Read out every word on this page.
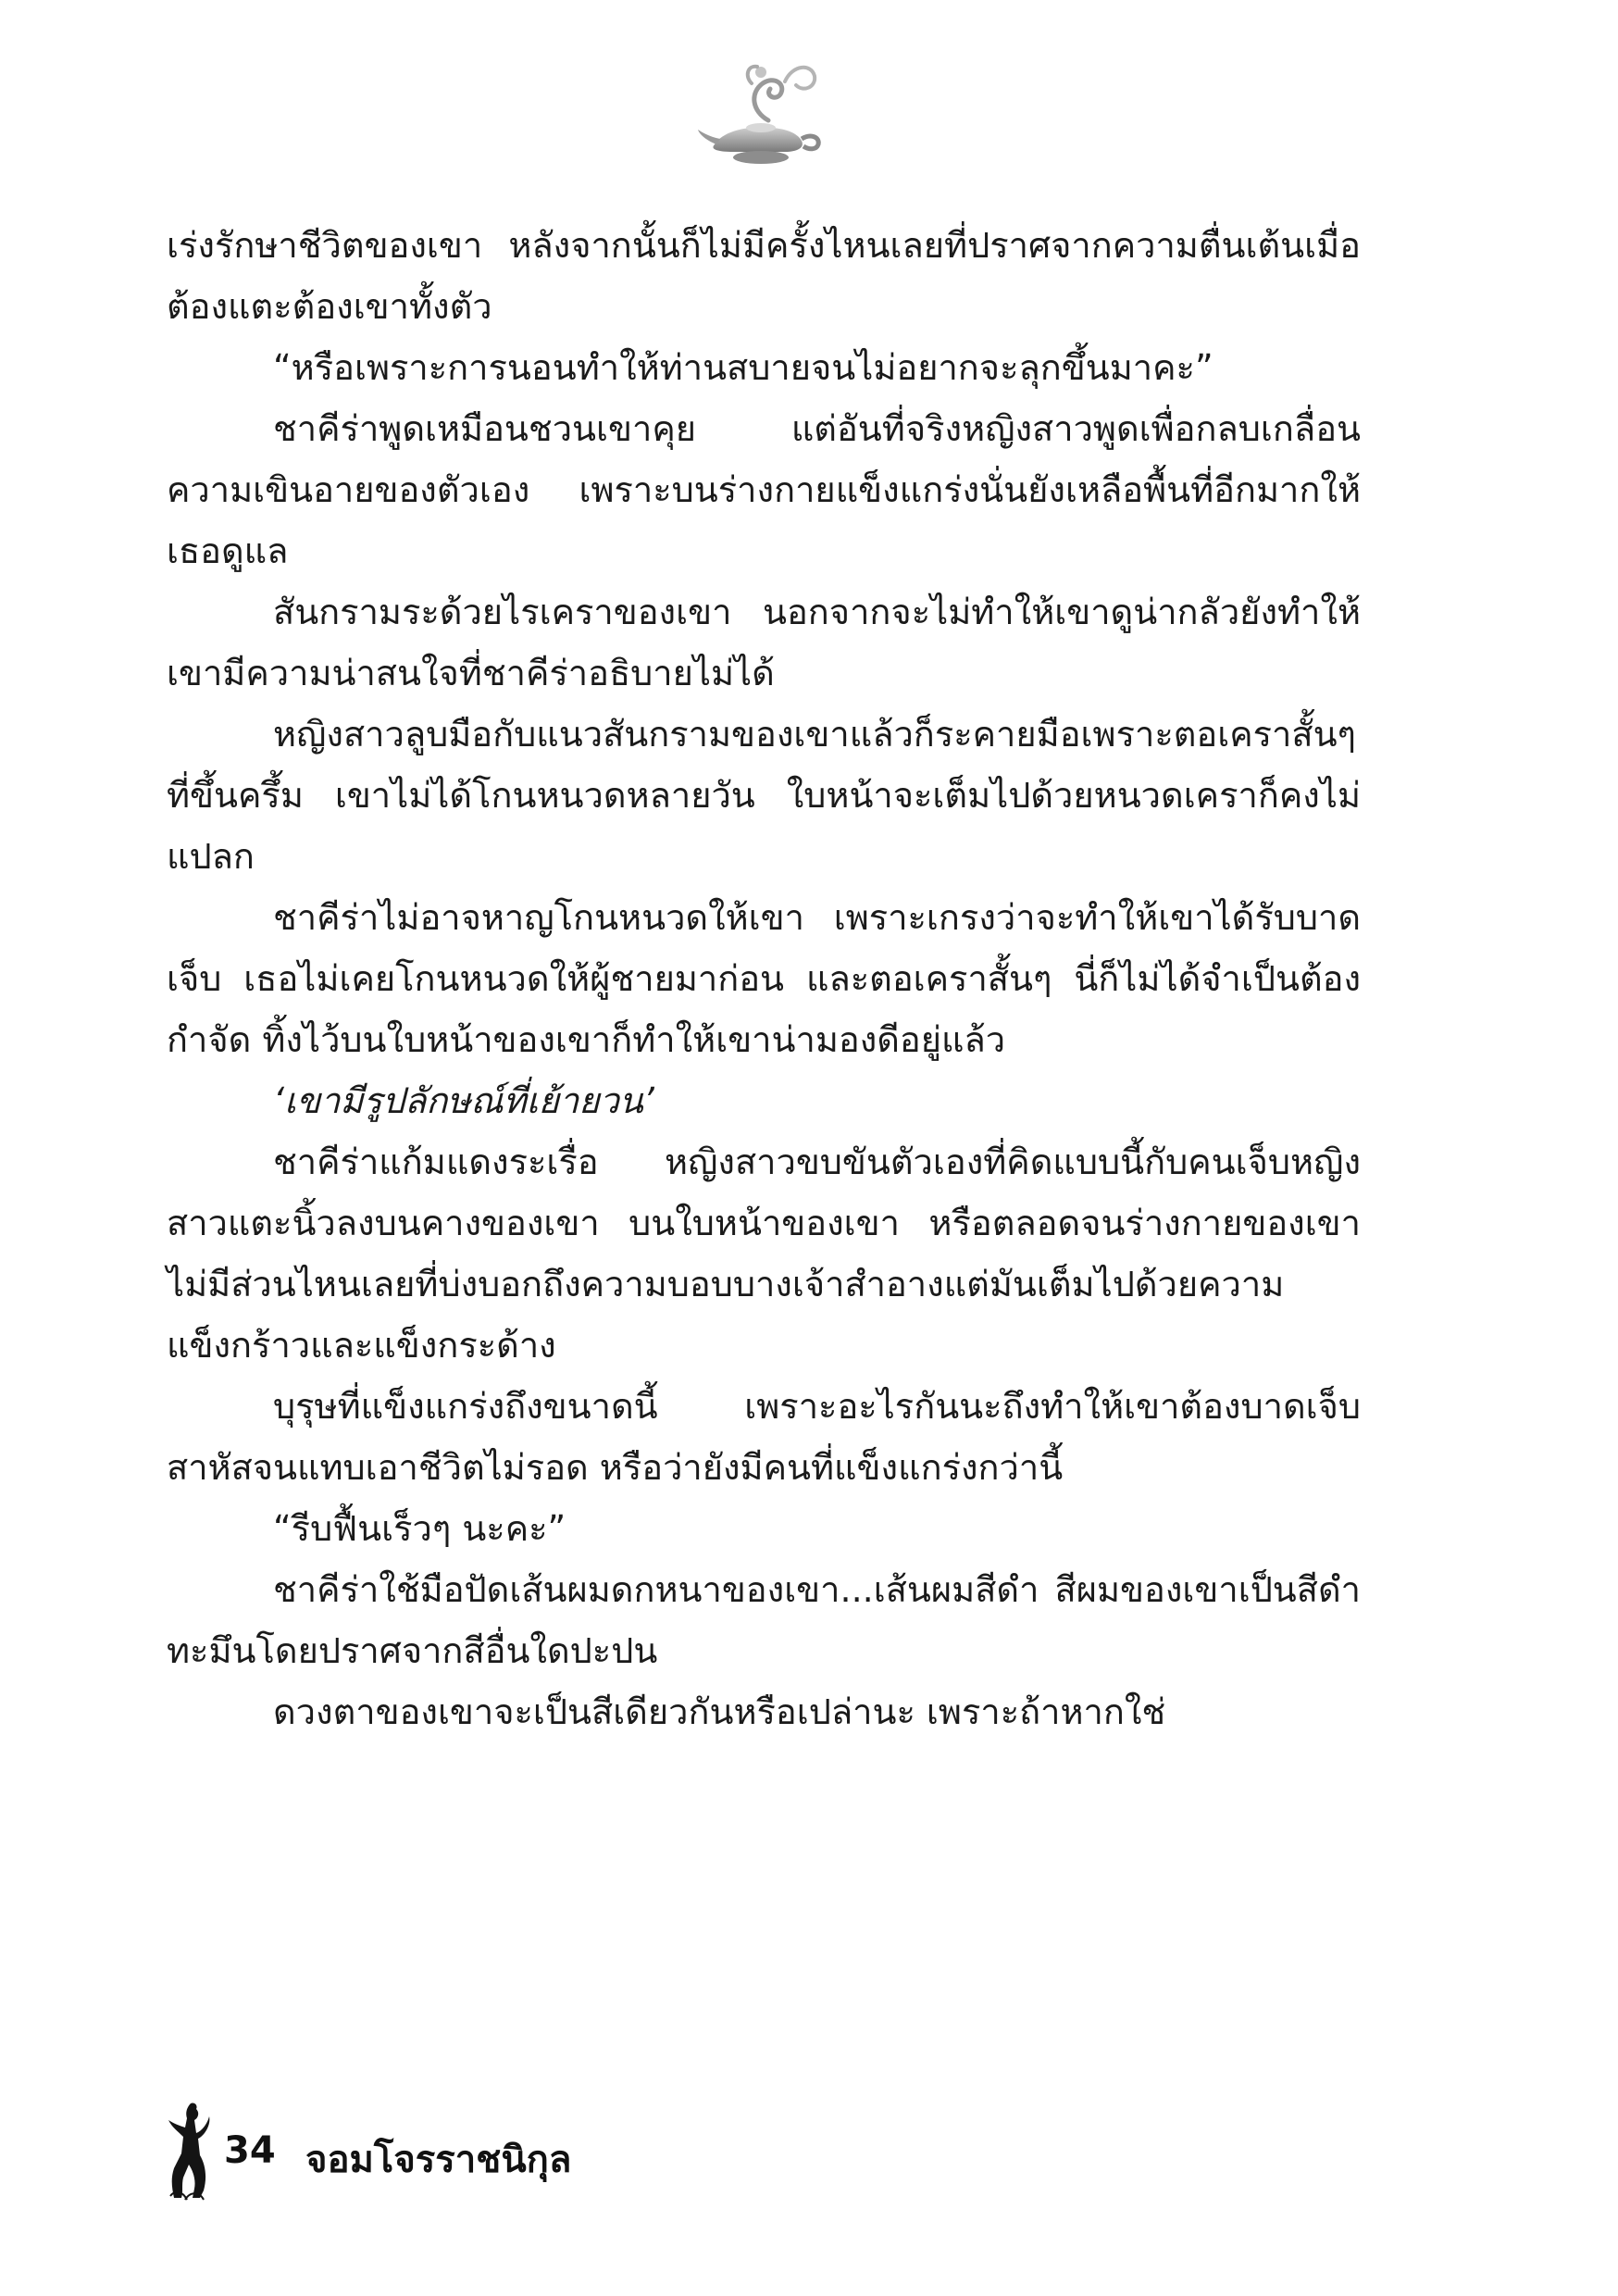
เร่งรักษาชีวิตของเขา หลังจากนั้นก็ไม่มีครั้งไหนเลยที่ปราศจากความตื่นเต้นเมื่อต้องแตะต้องเขาทั้งตัว

“หรือเพราะการนอนทำให้ท่านสบายจนไม่อยากจะลุกขึ้นมาคะ”

ชาคีร่าพูดเหมือนชวนเขาคุย แต่อันที่จริงหญิงสาวพูดเพื่อกลบเกลื่อนความเขินอายของตัวเอง เพราะบนร่างกายแข็งแกร่งนั่นยังเหลือพื้นที่อีกมากให้เธอดูแล

สันกรามระด้วยไรเคราของเขา นอกจากจะไม่ทำให้เขาดูน่ากลัวยังทำให้เขามีความน่าสนใจที่ชาคีร่าอธิบายไม่ได้

หญิงสาวลูบมือกับแนวสันกรามของเขาแล้วก็ระคายมือเพราะตอเคราสั้นๆ ที่ขึ้นครึ้ม เขาไม่ได้โกนหนวดหลายวัน ใบหน้าจะเต็มไปด้วยหนวดเคราก็คงไม่แปลก

ชาคีร่าไม่อาจหาญโกนหนวดให้เขา เพราะเกรงว่าจะทำให้เขาได้รับบาดเจ็บ เธอไม่เคยโกนหนวดให้ผู้ชายมาก่อน และตอเคราสั้นๆ นี่ก็ไม่ได้จำเป็นต้องกำจัด ทิ้งไว้บนใบหน้าของเขาก็ทำให้เขาน่ามองดีอยู่แล้ว

‘เขามีรูปลักษณ์ที่เย้ายวน’

ชาคีร่าแก้มแดงระเรื่อ หญิงสาวขบขันตัวเองที่คิดแบบนี้กับคนเจ็บหญิงสาวแตะนิ้วลงบนคางของเขา บนใบหน้าของเขา หรือตลอดจนร่างกายของเขา ไม่มีส่วนไหนเลยที่บ่งบอกถึงความบอบบางเจ้าสำอางแต่มันเต็มไปด้วยความแข็งกร้าวและแข็งกระด้าง

บุรุษที่แข็งแกร่งถึงขนาดนี้ เพราะอะไรกันนะถึงทำให้เขาต้องบาดเจ็บสาหัสจนแทบเอาชีวิตไม่รอด หรือว่ายังมีคนที่แข็งแกร่งกว่านี้

“รีบฟื้นเร็วๆ นะคะ”

ชาคีร่าใช้มือปัดเส้นผมดกหนาของเขา...เส้นผมสีดำ สีผมของเขาเป็นสีดำทะมึนโดยปราศจากสีอื่นใดปะปน

ดวงตาของเขาจะเป็นสีเดียวกันหรือเปล่านะ เพราะถ้าหากใช่

34 จอมโจรราชนิกุล
